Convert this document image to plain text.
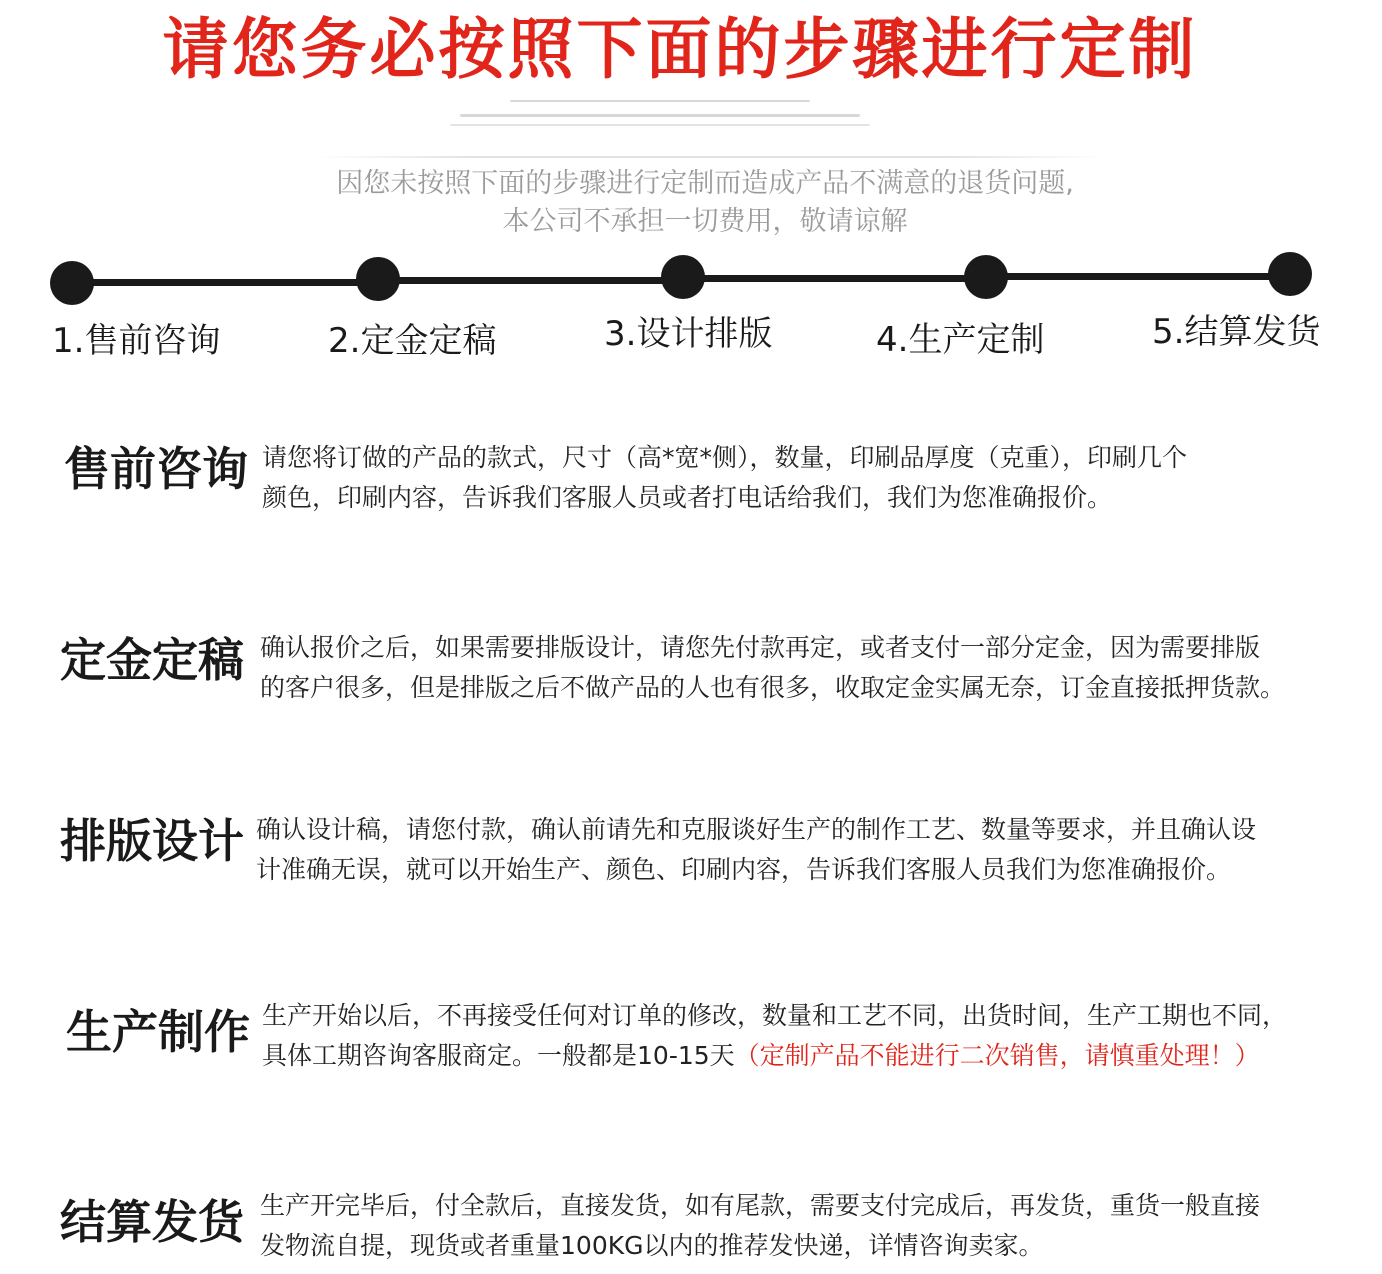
请您务必按照下面的步骤进行定制
因您未按照下面的步骤进行定制而造成产品不满意的退货问题,
本公司不承担一切费用，敬请谅解
1.售前咨询	2.定金定稿	3.设计排版	4.生产定制	5.结算发货
售前咨询 请您将订做的产品的款式，尺寸（高*宽*侧），数量，印刷品厚度（克重），印刷几个
颜色，印刷内容，告诉我们客服人员或者打电话给我们，我们为您准确报价。
定金定稿 确认报价之后，如果需要排版设计，请您先付款再定，或者支付一部分定金，因为需要排版
的客户很多，但是排版之后不做产品的人也有很多，收取定金实属无奈，订金直接抵押货款。
排版设计 确认设计稿，请您付款，确认前请先和克服谈好生产的制作工艺、数量等要求，并且确认设
计准确无误，就可以开始生产、颜色、印刷内容，告诉我们客服人员我们为您准确报价。
生产制作 生产开始以后，不再接受任何对订单的修改，数量和工艺不同，出货时间，生产工期也不同，
具体工期咨询客服商定。一般都是10-15天（定制产品不能进行二次销售，请慎重处理！）
结算发货 生产开完毕后，付全款后，直接发货，如有尾款，需要支付完成后，再发货，重货一般直接
发物流自提，现货或者重量100KG以内的推荐发快递，详情咨询卖家。
